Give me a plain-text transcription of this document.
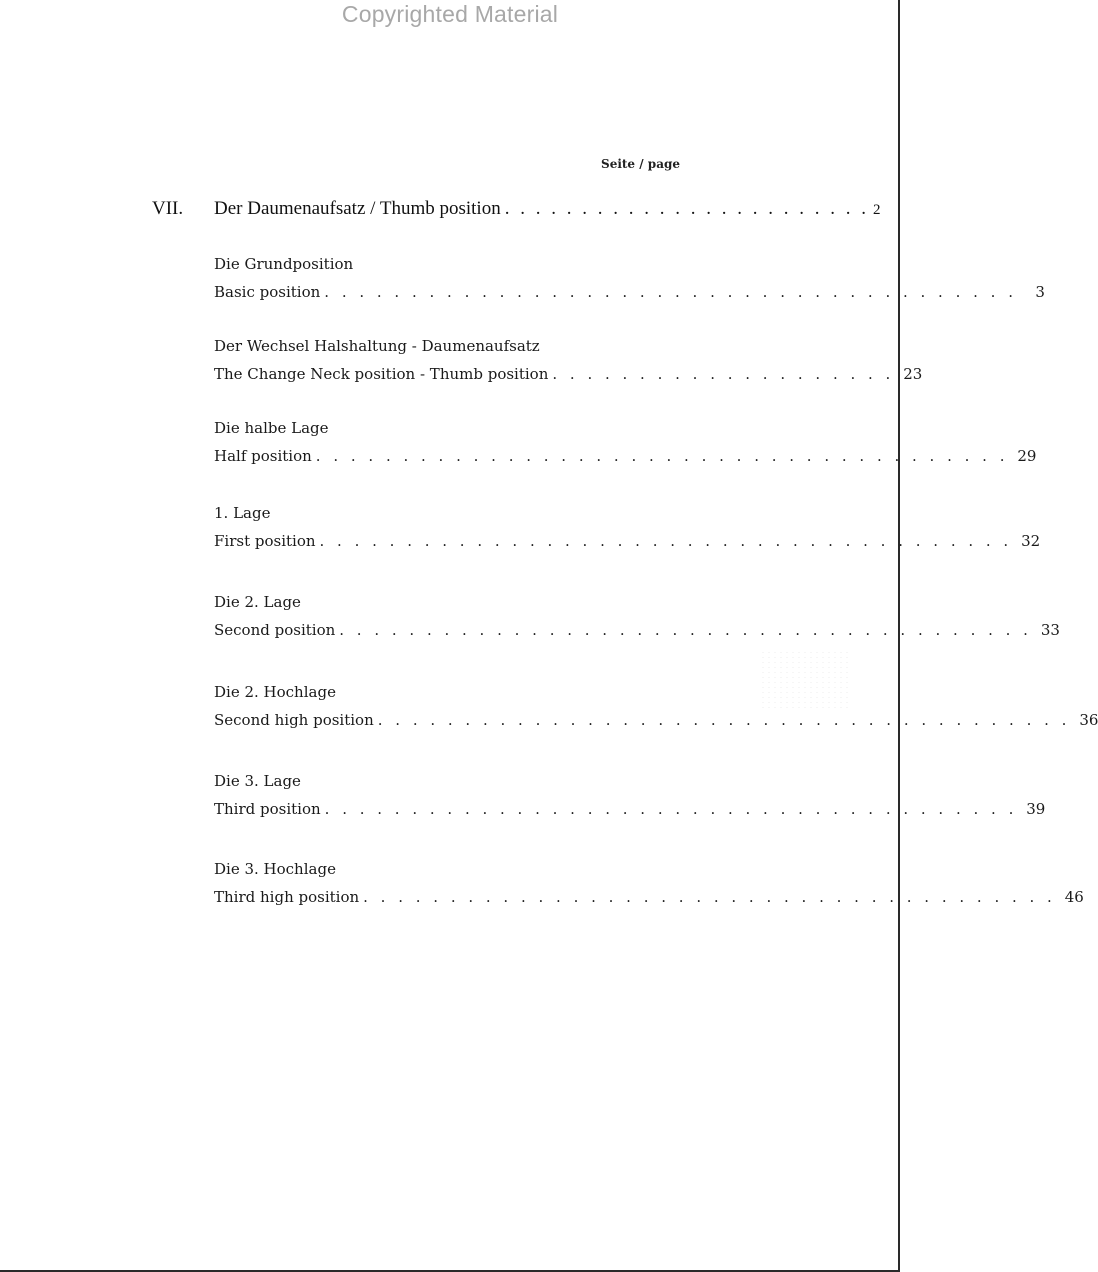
Copyrighted Material
Seite / page
VII. Der Daumenaufsatz / Thumb position . . . . . . . . . . . . . . . . . . . . . . . . 2
Die Grundposition
Basic position . . . . . . . . . . . . . . . . . . . . . . . . . . . . . . . . . . . . . . . .	3
Der Wechsel Halshaltung - Daumenaufsatz
The Change Neck position - Thumb position . . . . . . . . . . . . . . . . . . . . 23
Die halbe Lage
Half position . . . . . . . . . . . . . . . . . . . . . . . . . . . . . . . . . . . . . . . . 29
1. Lage
First position . . . . . . . . . . . . . . . . . . . . . . . . . . . . . . . . . . . . . . . . 32
Die 2. Lage
Second position . . . . . . . . . . . . . . . . . . . . . . . . . . . . . . . . . . . . . . . . 33
Die 2. Hochlage
Second high position . . . . . . . . . . . . . . . . . . . . . . . . . . . . . . . . . . . . . . . . 36
Die 3. Lage
Third position . . . . . . . . . . . . . . . . . . . . . . . . . . . . . . . . . . . . . . . . 39
Die 3. Hochlage
Third high position . . . . . . . . . . . . . . . . . . . . . . . . . . . . . . . . . . . . . . . . 46
